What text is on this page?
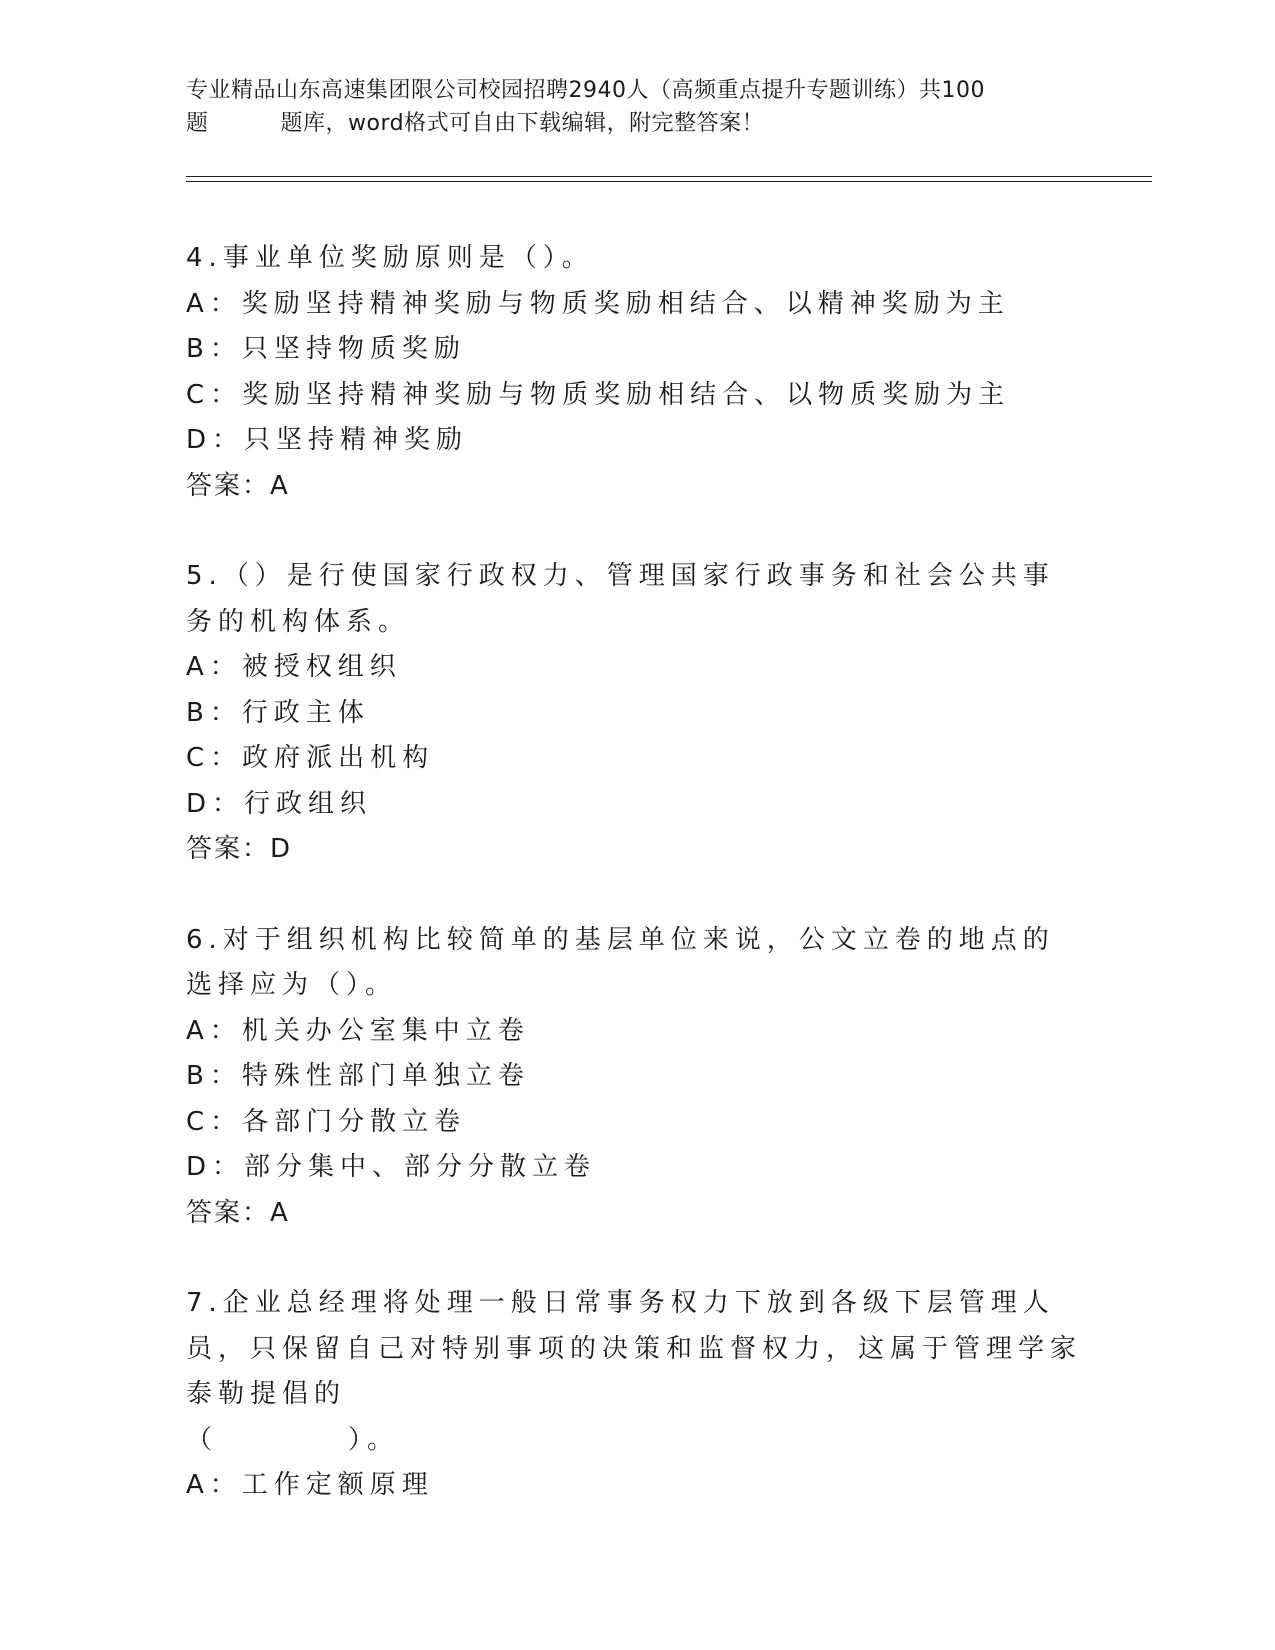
专业精品山东高速集团限公司校园招聘2940人（高频重点提升专题训练）共100
题	题库，word格式可自由下载编辑，附完整答案！

4.事业单位奖励原则是（）。

A：奖励坚持精神奖励与物质奖励相结合、以精神奖励为主

B：只坚持物质奖励

C：奖励坚持精神奖励与物质奖励相结合、以物质奖励为主

D：只坚持精神奖励

答案：A

5.（）是行使国家行政权力、管理国家行政事务和社会公共事务的机构体系。

A：被授权组织

B：行政主体

C：政府派出机构

D：行政组织

答案：D

6.对于组织机构比较简单的基层单位来说，公文立卷的地点的选择应为（）。

A：机关办公室集中立卷

B：特殊性部门单独立卷

C：各部门分散立卷

D：部分集中、部分分散立卷

答案：A

7.企业总经理将处理一般日常事务权力下放到各级下层管理人员，只保留自己对特别事项的决策和监督权力，这属于管理学家泰勒提倡的
（	）。

A：工作定额原理
